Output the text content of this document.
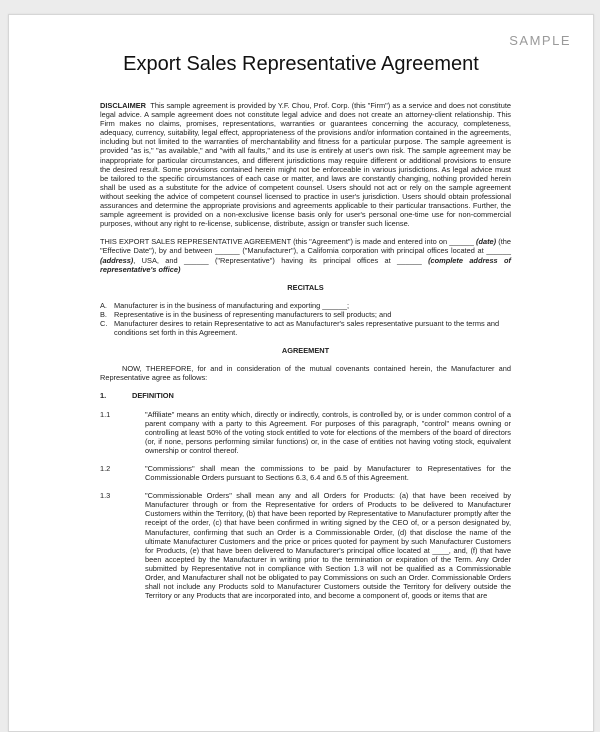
SAMPLE
Export Sales Representative Agreement

DISCLAIMER This sample agreement is provided by Y.F. Chou, Prof. Corp. (this "Firm") as a service and does not constitute legal advice. A sample agreement does not constitute legal advice and does not create an attorney-client relationship. This Firm makes no claims, promises, representations, warranties or guarantees concerning the accuracy, completeness, adequacy, currency, suitability, legal effect, appropriateness of the provisions and/or information contained in the agreements, including but not limited to the warranties of merchantability and fitness for a particular purpose. The sample agreement is provided "as is," "as available," and "with all faults," and its use is entirely at user's own risk. The sample agreement may be inappropriate for particular circumstances, and different jurisdictions may require different or additional provisions to ensure the desired result. Some provisions contained herein might not be enforceable in various jurisdictions. As legal advice must be tailored to the specific circumstances of each case or matter, and laws are constantly changing, nothing provided herein shall be used as a substitute for the advice of competent counsel. Users should not act or rely on the sample agreement without seeking the advice of competent counsel licensed to practice in user's jurisdiction. Users should obtain professional assurances and determine the appropriate provisions and agreements applicable to their particular transactions. Further, the sample agreement is provided on a non-exclusive license basis only for user's personal one-time use for non-commercial purposes, without any right to re-license, sublicense, distribute, assign or transfer such license.

THIS EXPORT SALES REPRESENTATIVE AGREEMENT (this "Agreement") is made and entered into on ______ (date) (the "Effective Date"), by and between ______ ("Manufacturer"), a California corporation with principal offices located at ______ (address), USA, and ______ ("Representative") having its principal offices at ______ (complete address of representative's office)

RECITALS

A. Manufacturer is in the business of manufacturing and exporting ______;
B. Representative is in the business of representing manufacturers to sell products; and
C. Manufacturer desires to retain Representative to act as Manufacturer's sales representative pursuant to the terms and conditions set forth in this Agreement.

AGREEMENT

NOW, THEREFORE, for and in consideration of the mutual covenants contained herein, the Manufacturer and Representative agree as follows:

1.	DEFINITION
1.1	"Affiliate" means an entity which, directly or indirectly, controls, is controlled by, or is under common control of a parent company with a party to this Agreement. For purposes of this paragraph, "control" means owning or controlling at least 50% of the voting stock entitled to vote for elections of the members of the board of directors (or, if none, persons performing similar functions) or, in the case of entities not having voting stock, equivalent ownership or control thereof.
1.2	"Commissions" shall mean the commissions to be paid by Manufacturer to Representatives for the Commissionable Orders pursuant to Sections 6.3, 6.4 and 6.5 of this Agreement.
1.3	"Commissionable Orders" shall mean any and all Orders for Products: (a) that have been received by Manufacturer through or from the Representative for orders of Products to be delivered to Manufacturer Customers within the Territory, (b) that have been reported by Representative to Manufacturer promptly after the receipt of the order, (c) that have been confirmed in writing signed by the CEO of, or a person designated by, Manufacturer, confirming that such an Order is a Commissionable Order, (d) that disclose the name of the ultimate Manufacturer Customers and the price or prices quoted for payment by such Manufacturer Customers for Products, (e) that have been delivered to Manufacturer's principal office located at ____, and, (f) that have been accepted by the Manufacturer in writing prior to the termination or expiration of the Term. Any Order submitted by Representative not in compliance with Section 1.3 will not be qualified as a Commissionable Order, and Manufacturer shall not be obligated to pay Commissions on such an Order. Commissionable Orders shall not include any Products sold to Manufacturer Customers outside the Territory for delivery outside the Territory or any Products that are incorporated into, and become a component of, goods or items that are
